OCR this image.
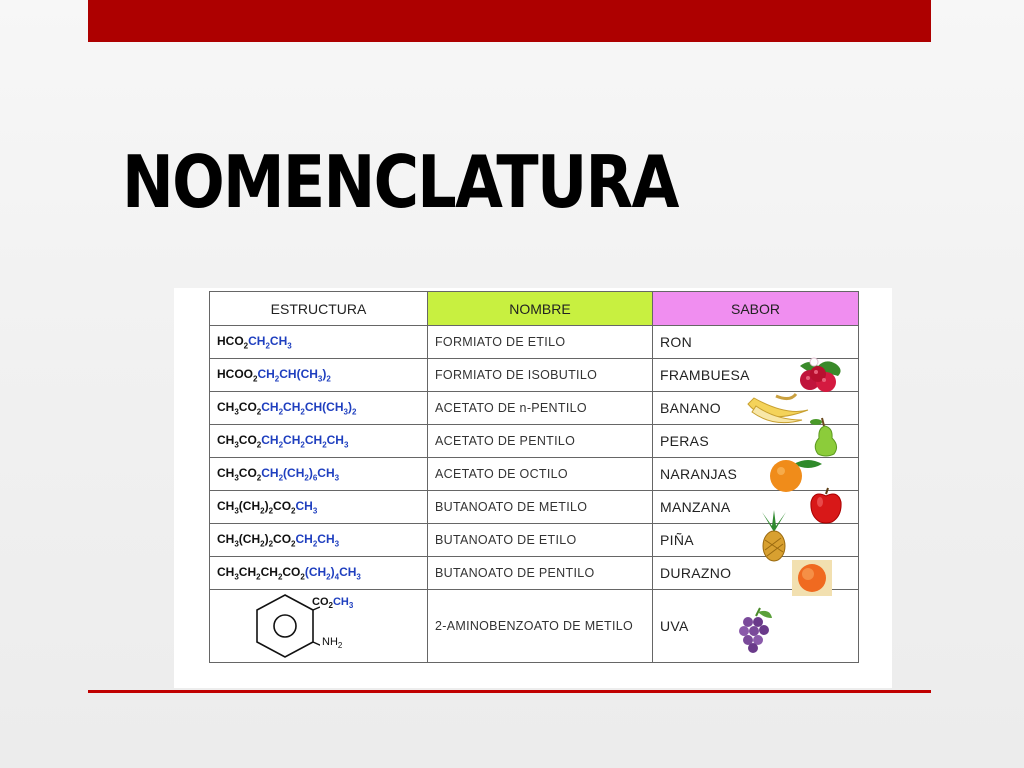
NOMENCLATURA
ESTRUCTURA	NOMBRE	SABOR
$HCO_2CH_2CH_3$	FORMIATO DE ETILO	RON
$HCOO_2CH_2CH(CH_3)_2$	FORMIATO DE ISOBUTILO	FRAMBUESA
$CH_3CO_2CH_2CH_2CH(CH_3)_2$	ACETATO DE n-PENTILO	BANANO
$CH_3CO_2CH_2CH_2CH_2CH_3$	ACETATO DE PENTILO	PERAS
$CH_3CO_2CH_2(CH_2)_6CH_3$	ACETATO DE OCTILO	NARANJAS
$CH_3(CH_2)_2CO_2CH_3$	BUTANOATO DE METILO	MANZANA
$CH_3(CH_2)_2CO_2CH_2CH_3$	BUTANOATO DE ETILO	PIÑA
$CH_3CH_2CH_2CO_2(CH_2)_4CH_3$	BUTANOATO DE PENTILO	DURAZNO

$CO_2CH_3$
$NH_2$	2-AMINOBENZOATO DE METILO	UVA
